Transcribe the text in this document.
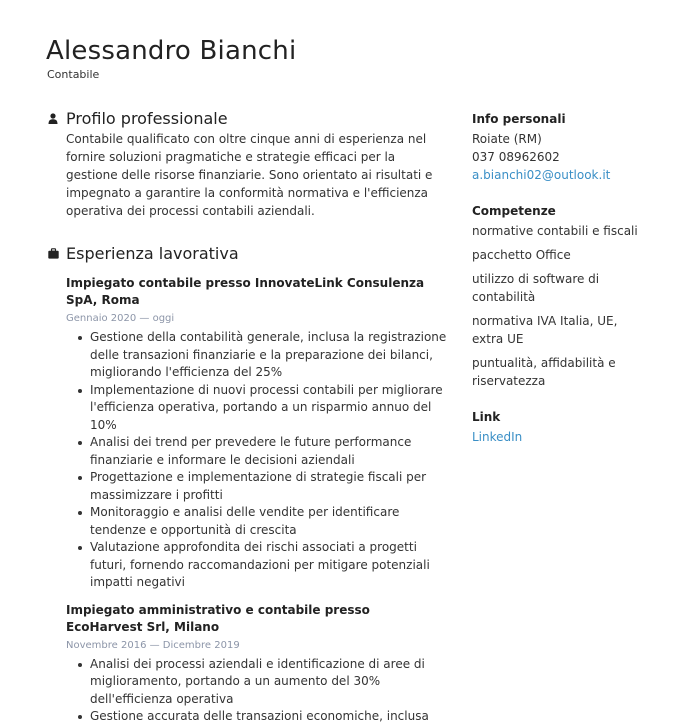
Alessandro Bianchi
Contabile
Profilo professionale

Contabile qualificato con oltre cinque anni di esperienza nel fornire soluzioni pragmatiche e strategie efficaci per la gestione delle risorse finanziarie. Sono orientato ai risultati e impegnato a garantire la conformità normativa e l'efficienza operativa dei processi contabili aziendali.

Esperienza lavorativa
Impiegato contabile presso InnovateLink Consulenza SpA, Roma
Gennaio 2020 — oggi
Gestione della contabilità generale, inclusa la registrazione delle transazioni finanziarie e la preparazione dei bilanci, migliorando l'efficienza del 25%
Implementazione di nuovi processi contabili per migliorare l'efficienza operativa, portando a un risparmio annuo del 10%
Analisi dei trend per prevedere le future performance finanziarie e informare le decisioni aziendali
Progettazione e implementazione di strategie fiscali per massimizzare i profitti
Monitoraggio e analisi delle vendite per identificare tendenze e opportunità di crescita
Valutazione approfondita dei rischi associati a progetti futuri, fornendo raccomandazioni per mitigare potenziali impatti negativi
Impiegato amministrativo e contabile presso EcoHarvest Srl, Milano
Novembre 2016 — Dicembre 2019
Analisi dei processi aziendali e identificazione di aree di miglioramento, portando a un aumento del 30% dell'efficienza operativa
Gestione accurata delle transazioni economiche, inclusa
Info personali
Roiate (RM)
037 08962602
a.bianchi02@outlook.it
Competenze
normative contabili e fiscali
pacchetto Office
utilizzo di software di contabilità
normativa IVA Italia, UE, extra UE
puntualità, affidabilità e riservatezza
Link
LinkedIn
